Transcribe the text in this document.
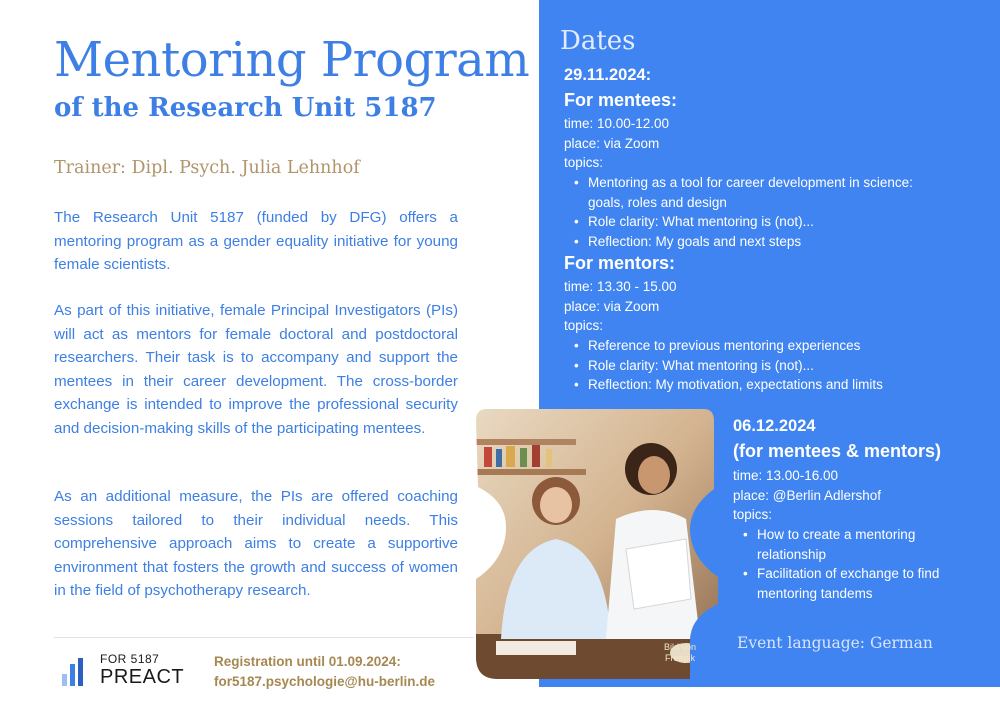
Mentoring Program
of the Research Unit 5187
Trainer: Dipl. Psych. Julia Lehnhof

The Research Unit 5187 (funded by DFG) offers a mentoring program as a gender equality initiative for young female scientists.

As part of this initiative, female Principal Investigators (PIs) will act as mentors for female doctoral and postdoctoral researchers. Their task is to accompany and support the mentees in their career development. The cross-border exchange is intended to improve the professional security and decision-making skills of the participating mentees.

As an additional measure, the PIs are offered coaching sessions tailored to their individual needs. This comprehensive approach aims to create a supportive environment that fosters the growth and success of women in the field of psychotherapy research.

FOR 5187
PREACT
Registration until 01.09.2024:
for5187.psychologie@hu-berlin.de
Dates
29.11.2024:
For mentees:
time: 10.00-12.00
place: via Zoom
topics:
• Mentoring as a tool for career development in science:
goals, roles and design
• Role clarity: What mentoring is (not)...
• Reflection: My goals and next steps
For mentors:
time: 13.30 - 15.00
place: via Zoom
topics:
• Reference to previous mentoring experiences
• Role clarity: What mentoring is (not)...
• Reflection: My motivation, expectations and limits
Bild von
Freepik
06.12.2024
(for mentees & mentors)
time: 13.00-16.00
place: @Berlin Adlershof
topics:
• How to create a mentoring
relationship
• Facilitation of exchange to find
mentoring tandems
Event language: German
